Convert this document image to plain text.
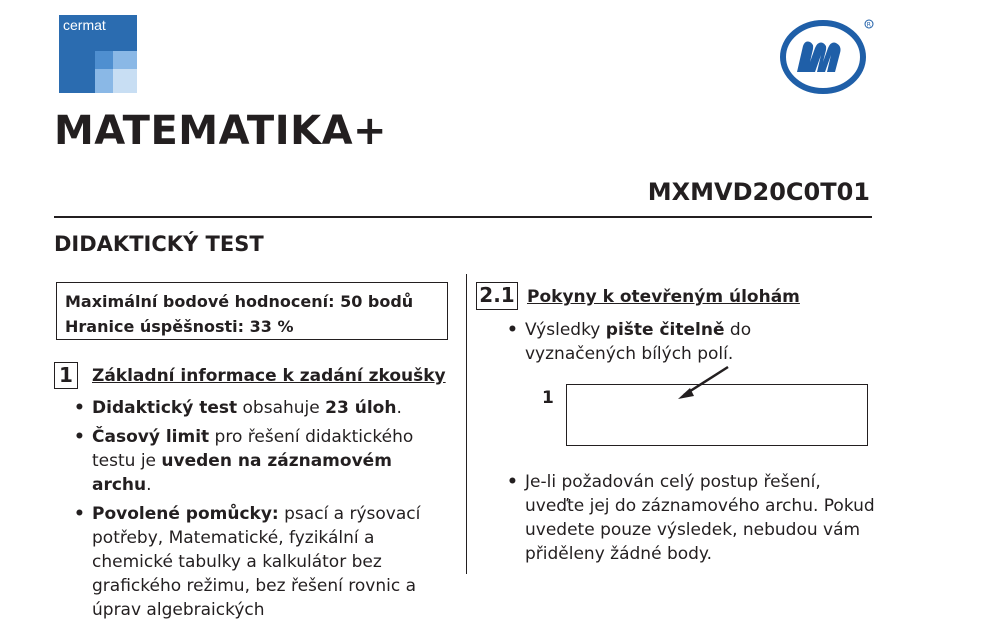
cermat	R
MATEMATIKA+
MXMVD20C0T01
DIDAKTICKÝ TEST
Maximální bodové hodnocení: 50 bodů
Hranice úspěšnosti: 33 %
1 Základní informace k zadání zkoušky
• Didaktický test obsahuje 23 úloh.
• Časový limit pro řešení didaktického testu je uveden na záznamovém archu.
• Povolené pomůcky: psací a rýsovací potřeby, Matematické, fyzikální a chemické tabulky a kalkulátor bez grafického režimu, bez řešení rovnic a úprav algebraických
2.1 Pokyny k otevřeným úlohám
• Výsledky pište čitelně do vyznačených bílých polí.
1
• Je-li požadován celý postup řešení, uveďte jej do záznamového archu. Pokud uvedete pouze výsledek, nebudou vám přiděleny žádné body.
